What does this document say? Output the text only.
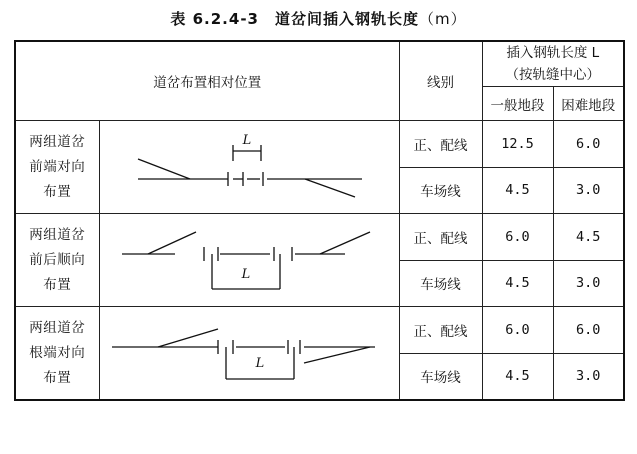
表 6.2.4-3　道岔间插入钢轨长度（m）
道岔布置相对位置		线别	插入钢轨长度 L
（按轨缝中心）	

			一般地段	困难地段

两组道岔
前端对向
布置	L	正、配线	12.5	6.0
		车场线	4.5	3.0

两组道岔
前后顺向
布置	L	正、配线	6.0	4.5
		车场线	4.5	3.0

两组道岔
根端对向
布置	L	正、配线	6.0	6.0
		车场线	4.5	3.0
